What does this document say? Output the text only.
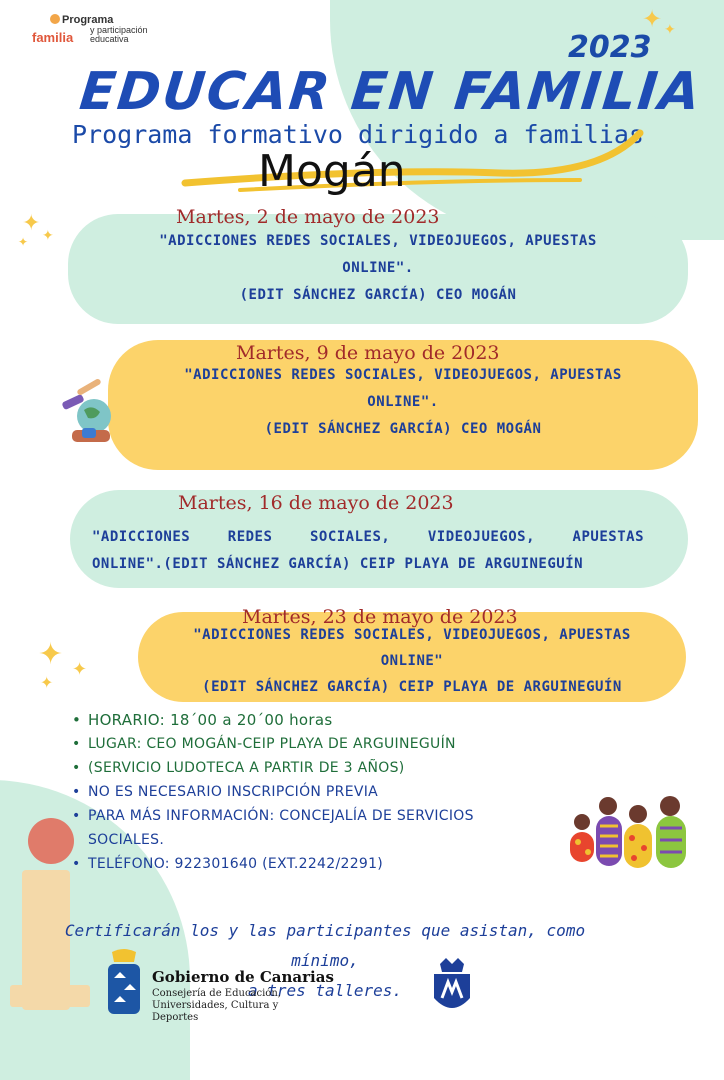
Programa
familia y participación educativa
✦ ✦
2023
EDUCAR EN FAMILIA
Programa formativo dirigido a familias
Mogán
✦ ✦
✦
Martes, 2 de mayo de 2023
"ADICCIONES REDES SOCIALES, VIDEOJUEGOS, APUESTAS
ONLINE".
(EDIT SÁNCHEZ GARCÍA) CEO MOGÁN
Martes, 9 de mayo de 2023
"ADICCIONES REDES SOCIALES, VIDEOJUEGOS, APUESTAS
ONLINE".
(EDIT SÁNCHEZ GARCÍA) CEO MOGÁN
Martes, 16 de mayo de 2023
"ADICCIONES REDES SOCIALES, VIDEOJUEGOS, APUESTAS
ONLINE".(EDIT SÁNCHEZ GARCÍA) CEIP PLAYA DE ARGUINEGUÍN
✦ ✦
✦
Martes, 23 de mayo de 2023
"ADICCIONES REDES SOCIALES, VIDEOJUEGOS, APUESTAS
ONLINE"
(EDIT SÁNCHEZ GARCÍA) CEIP PLAYA DE ARGUINEGUÍN
• HORARIO: 18´00 a 20´00 horas
• LUGAR: CEO MOGÁN-CEIP PLAYA DE ARGUINEGUÍN
• (SERVICIO LUDOTECA A PARTIR DE 3 AÑOS)
• NO ES NECESARIO INSCRIPCIÓN PREVIA
• PARA MÁS INFORMACIÓN: CONCEJALÍA DE SERVICIOS SOCIALES.
• TELÉFONO: 922301640 (EXT.2242/2291)
Certificarán los y las participantes que asistan, como mínimo,
a tres talleres.
Gobierno de Canarias
Consejería de Educación, Universidades, Cultura y Deportes
